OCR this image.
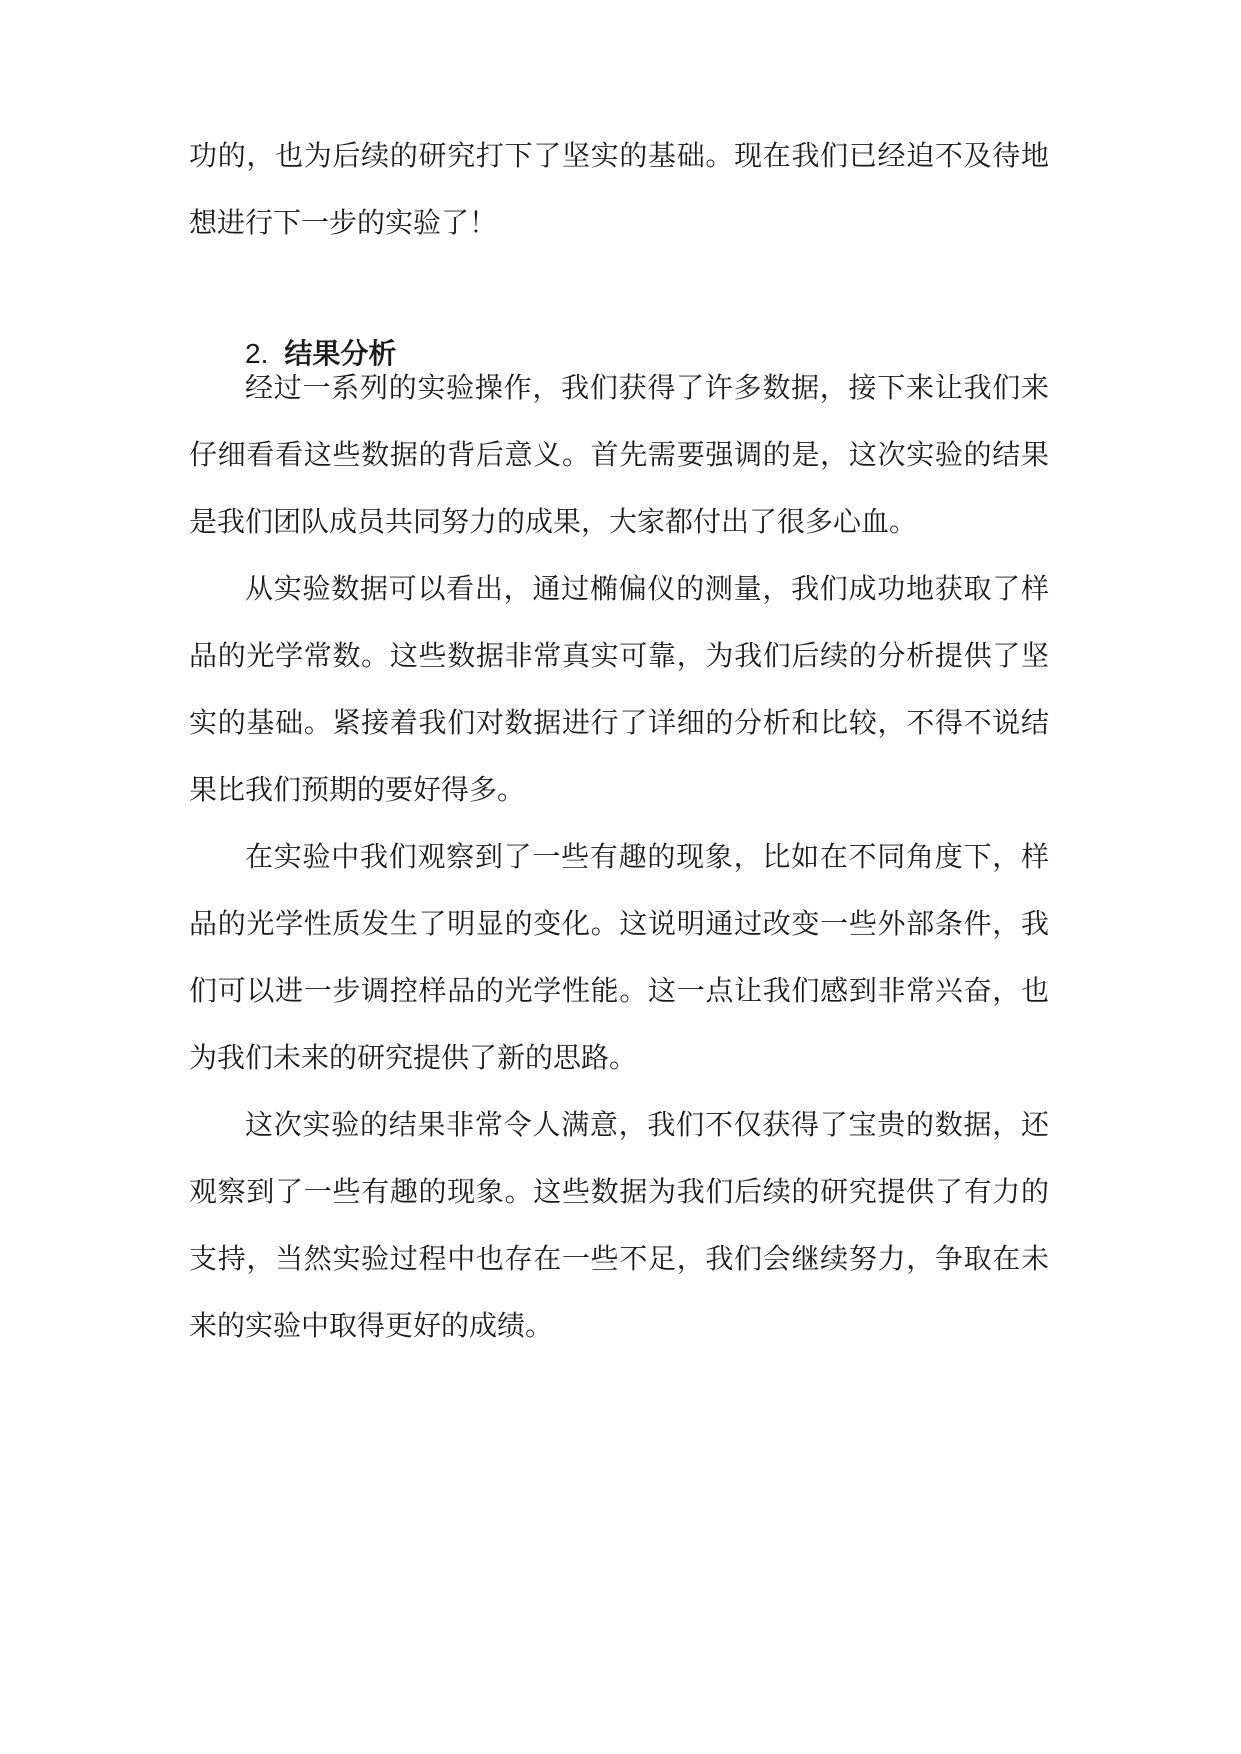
功的，也为后续的研究打下了坚实的基础。现在我们已经迫不及待地
想进行下一步的实验了！
2. 结果分析
经过一系列的实验操作，我们获得了许多数据，接下来让我们来
仔细看看这些数据的背后意义。首先需要强调的是，这次实验的结果
是我们团队成员共同努力的成果，大家都付出了很多心血。
从实验数据可以看出，通过椭偏仪的测量，我们成功地获取了样
品的光学常数。这些数据非常真实可靠，为我们后续的分析提供了坚
实的基础。紧接着我们对数据进行了详细的分析和比较，不得不说结
果比我们预期的要好得多。
在实验中我们观察到了一些有趣的现象，比如在不同角度下，样
品的光学性质发生了明显的变化。这说明通过改变一些外部条件，我
们可以进一步调控样品的光学性能。这一点让我们感到非常兴奋，也
为我们未来的研究提供了新的思路。
这次实验的结果非常令人满意，我们不仅获得了宝贵的数据，还
观察到了一些有趣的现象。这些数据为我们后续的研究提供了有力的
支持，当然实验过程中也存在一些不足，我们会继续努力，争取在未
来的实验中取得更好的成绩。
